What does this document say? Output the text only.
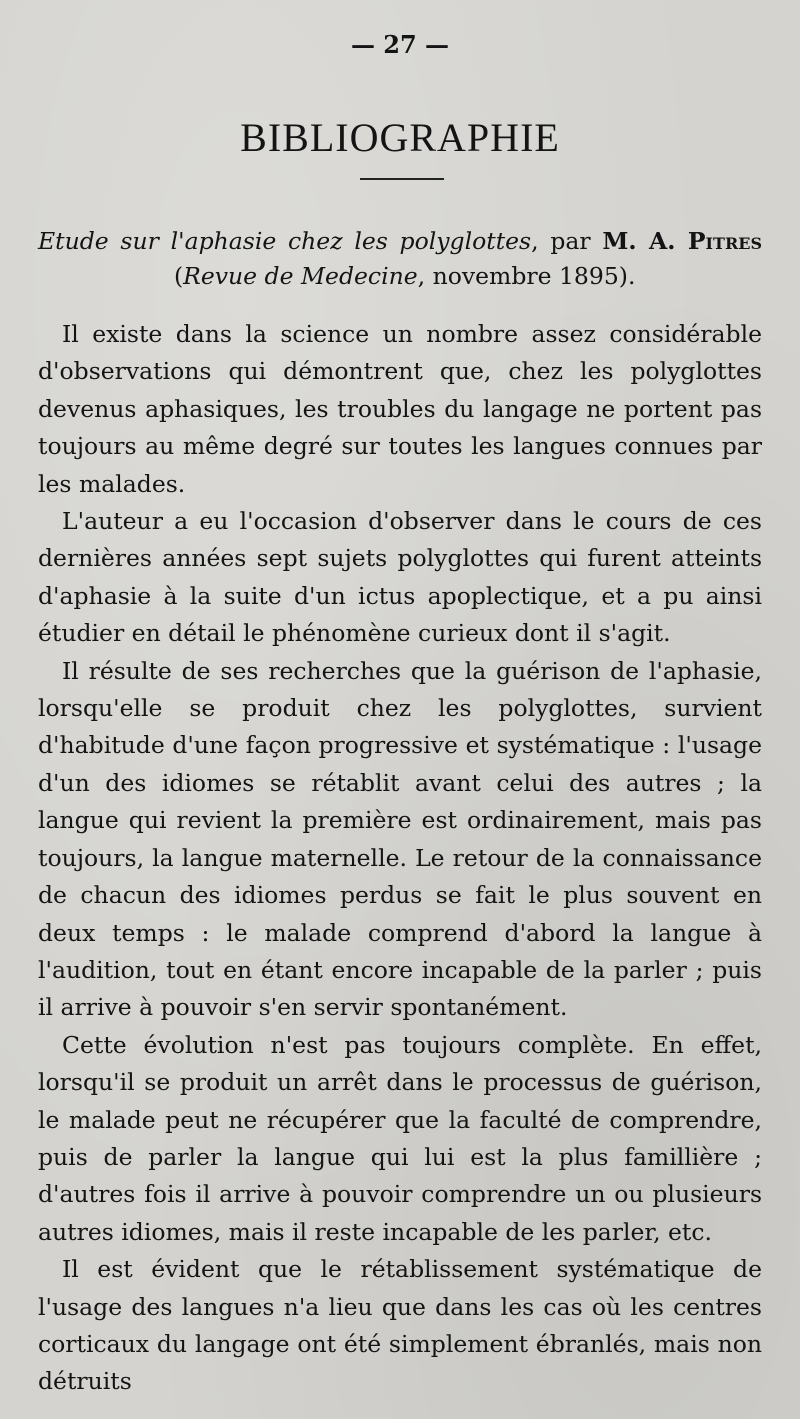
— 27 —
BIBLIOGRAPHIE
Etude sur l'aphasie chez les polyglottes, par M. A. Pitres
(Revue de Medecine, novembre 1895).

Il existe dans la science un nombre assez considérable d'observations qui démontrent que, chez les polyglottes devenus aphasiques, les troubles du langage ne portent pas toujours au même degré sur toutes les langues connues par les malades.

L'auteur a eu l'occasion d'observer dans le cours de ces dernières années sept sujets polyglottes qui furent atteints d'aphasie à la suite d'un ictus apoplectique, et a pu ainsi étudier en détail le phénomène curieux dont il s'agit.

Il résulte de ses recherches que la guérison de l'aphasie, lorsqu'elle se produit chez les polyglottes, survient d'habitude d'une façon progressive et systématique : l'usage d'un des idiomes se rétablit avant celui des autres ; la langue qui revient la première est ordinairement, mais pas toujours, la langue maternelle. Le retour de la connaissance de chacun des idiomes perdus se fait le plus souvent en deux temps : le malade comprend d'abord la langue à l'audition, tout en étant encore incapable de la parler ; puis il arrive à pouvoir s'en servir spontanément.

Cette évolution n'est pas toujours complète. En effet, lorsqu'il se produit un arrêt dans le processus de guérison, le malade peut ne récupérer que la faculté de comprendre, puis de parler la langue qui lui est la plus famillière ; d'autres fois il arrive à pouvoir comprendre un ou plusieurs autres idiomes, mais il reste incapable de les parler, etc.

Il est évident que le rétablissement systématique de l'usage des langues n'a lieu que dans les cas où les centres corticaux du langage ont été simplement ébranlés, mais non détruits
